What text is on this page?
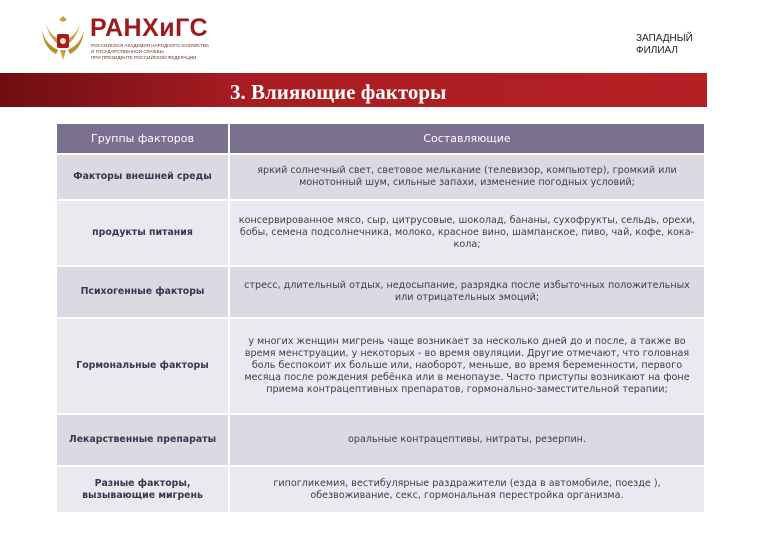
РАНХиГС
РОССИЙСКАЯ АКАДЕМИЯ НАРОДНОГО ХОЗЯЙСТВА
И ГОСУДАРСТВЕННОЙ СЛУЖБЫ
ПРИ ПРЕЗИДЕНТЕ РОССИЙСКОЙ ФЕДЕРАЦИИ
ЗАПАДНЫЙ
ФИЛИАЛ
3. Влияющие факторы
Группы факторов	Составляющие
Факторы внешней среды	яркий солнечный свет, световое мелькание (телевизор, компьютер), громкий или монотонный шум, сильные запахи, изменение погодных условий;
продукты питания	консервированное мясо, сыр, цитрусовые, шоколад, бананы, сухофрукты, сельдь, орехи, бобы, семена подсолнечника, молоко, красное вино, шампанское, пиво, чай, кофе, кока-кола;
Психогенные факторы	стресс, длительный отдых, недосыпание, разрядка после избыточных положительных или отрицательных эмоций;
Гормональные факторы	у многих женщин мигрень чаще возникает за несколько дней до и после, а также во время менструации, у некоторых - во время овуляции. Другие отмечают, что головная боль беспокоит их больше или, наоборот, меньше, во время беременности, первого месяца после рождения ребёнка или в менопаузе. Часто приступы возникают на фоне приема контрацептивных препаратов, гормонально-заместительной терапии;
Лекарственные препараты	оральные контрацептивы, нитраты, резерпин.
Разные факторы, вызывающие мигрень	гипогликемия, вестибулярные раздражители (езда в автомобиле, поезде ), обезвоживание, секс, гормональная перестройка организма.
